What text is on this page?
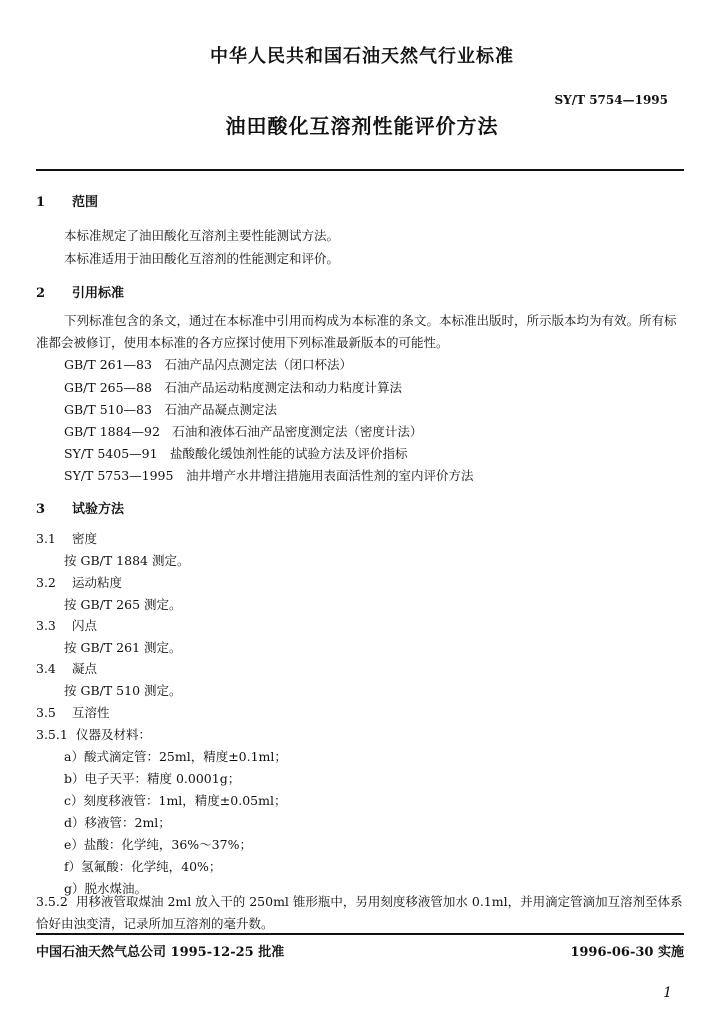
中华人民共和国石油天然气行业标准
SY/T 5754—1995
油田酸化互溶剂性能评价方法
1 范围
本标准规定了油田酸化互溶剂主要性能测试方法。
本标准适用于油田酸化互溶剂的性能测定和评价。
2 引用标准
下列标准包含的条文，通过在本标准中引用而构成为本标准的条文。本标准出版时，所示版本均为有效。所有标准都会被修订，使用本标准的各方应探讨使用下列标准最新版本的可能性。
GB/T 261—83　石油产品闪点测定法（闭口杯法）
GB/T 265—88　石油产品运动粘度测定法和动力粘度计算法
GB/T 510—83　石油产品凝点测定法
GB/T 1884—92　石油和液体石油产品密度测定法（密度计法）
SY/T 5405—91　盐酸酸化缓蚀剂性能的试验方法及评价指标
SY/T 5753—1995　油井增产水井增注措施用表面活性剂的室内评价方法
3 试验方法
3.1 密度
按 GB/T 1884 测定。
3.2 运动粘度
按 GB/T 265 测定。
3.3 闪点
按 GB/T 261 测定。
3.4 凝点
按 GB/T 510 测定。
3.5 互溶性
3.5.1 仪器及材料：
a）酸式滴定管：25ml，精度±0.1ml；
b）电子天平：精度 0.0001g；
c）刻度移液管：1ml，精度±0.05ml；
d）移液管：2ml；
e）盐酸：化学纯，36%～37%；
f）氢氟酸：化学纯，40%；
g）脱水煤油。
3.5.2 用移液管取煤油 2ml 放入干的 250ml 锥形瓶中，另用刻度移液管加水 0.1ml，并用滴定管滴加互溶剂至体系恰好由浊变清，记录所加互溶剂的毫升数。
中国石油天然气总公司 1995-12-25 批准	1996-06-30 实施
1
